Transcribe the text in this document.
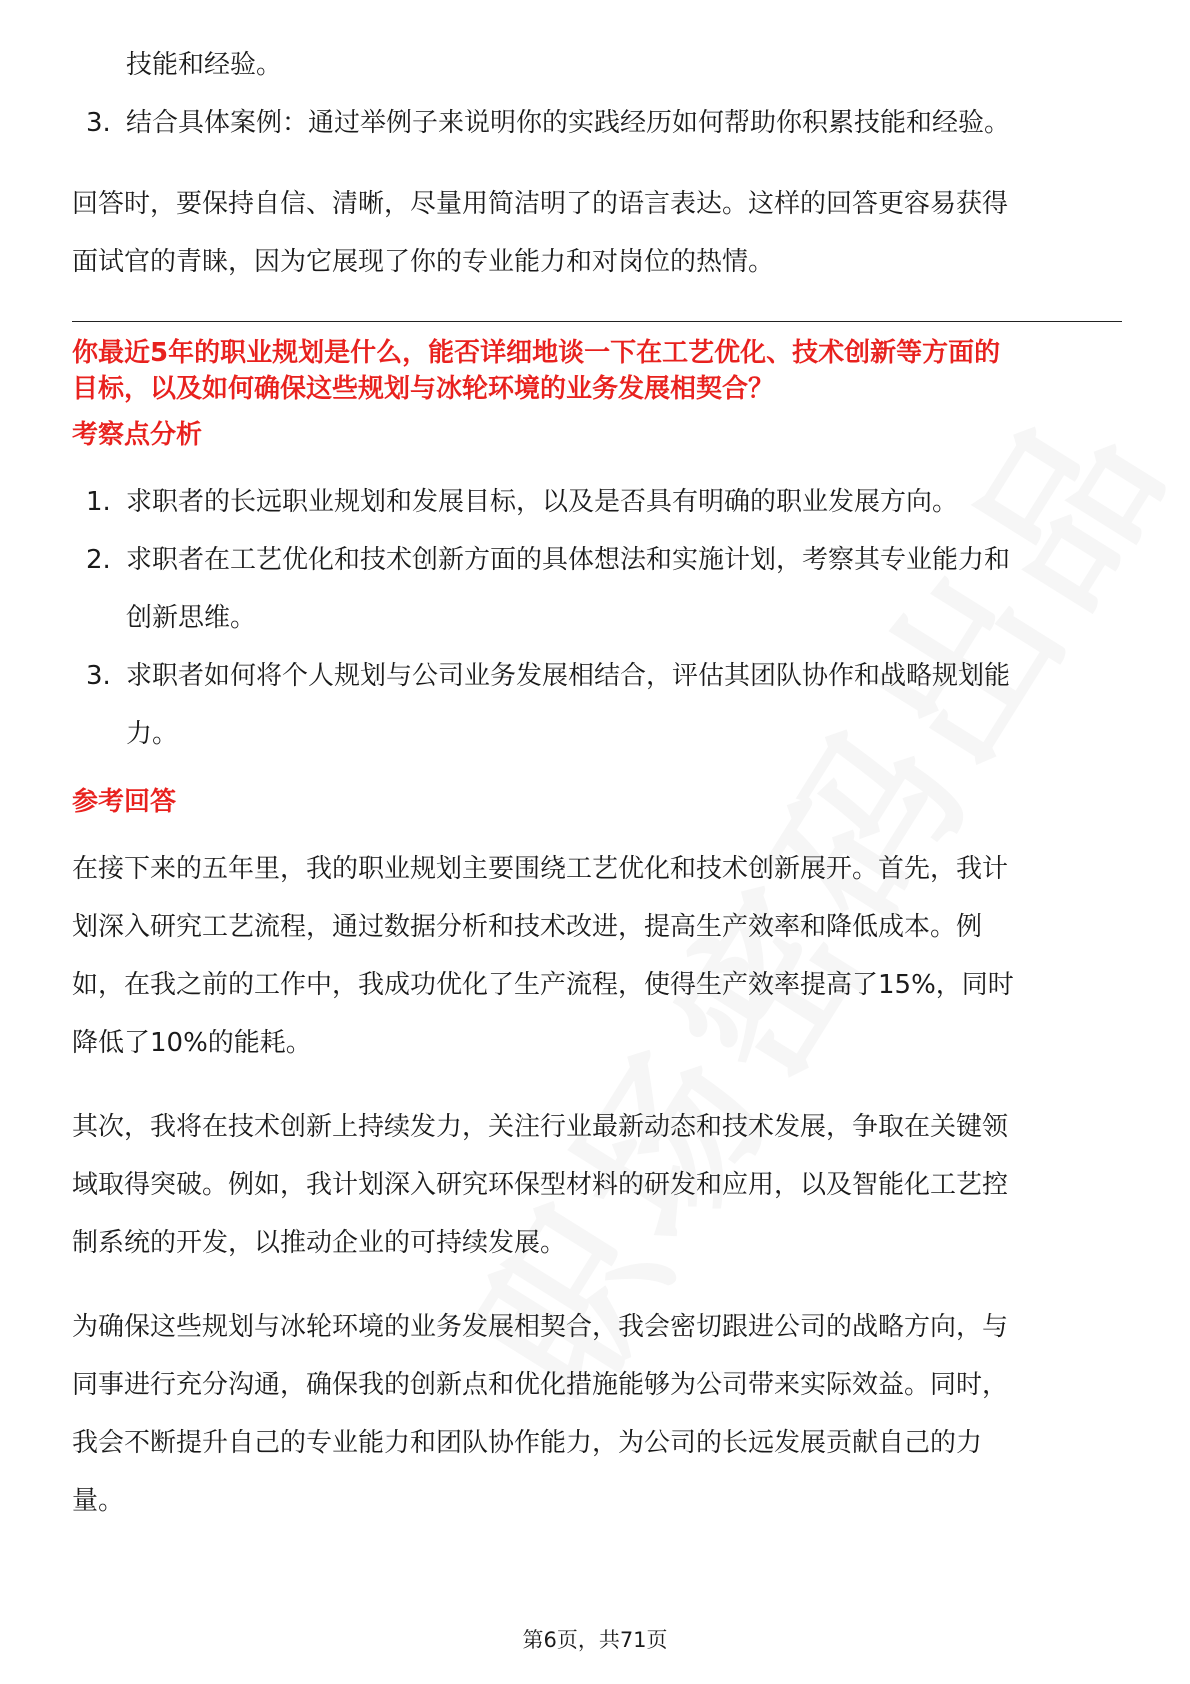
技能和经验。
3. 结合具体案例：通过举例子来说明你的实践经历如何帮助你积累技能和经验。
回答时，要保持自信、清晰，尽量用简洁明了的语言表达。这样的回答更容易获得
面试官的青睐，因为它展现了你的专业能力和对岗位的热情。
你最近5年的职业规划是什么，能否详细地谈一下在工艺优化、技术创新等方面的
目标，以及如何确保这些规划与冰轮环境的业务发展相契合？
考察点分析
1. 求职者的长远职业规划和发展目标，以及是否具有明确的职业发展方向。
2. 求职者在工艺优化和技术创新方面的具体想法和实施计划，考察其专业能力和
创新思维。
3. 求职者如何将个人规划与公司业务发展相结合，评估其团队协作和战略规划能
力。
参考回答
在接下来的五年里，我的职业规划主要围绕工艺优化和技术创新展开。首先，我计
划深入研究工艺流程，通过数据分析和技术改进，提高生产效率和降低成本。例
如，在我之前的工作中，我成功优化了生产流程，使得生产效率提高了15%，同时
降低了10%的能耗。
其次，我将在技术创新上持续发力，关注行业最新动态和技术发展，争取在关键领
域取得突破。例如，我计划深入研究环保型材料的研发和应用，以及智能化工艺控
制系统的开发，以推动企业的可持续发展。
为确保这些规划与冰轮环境的业务发展相契合，我会密切跟进公司的战略方向，与
同事进行充分沟通，确保我的创新点和优化措施能够为公司带来实际效益。同时，
我会不断提升自己的专业能力和团队协作能力，为公司的长远发展贡献自己的力
量。
第6页，共71页
